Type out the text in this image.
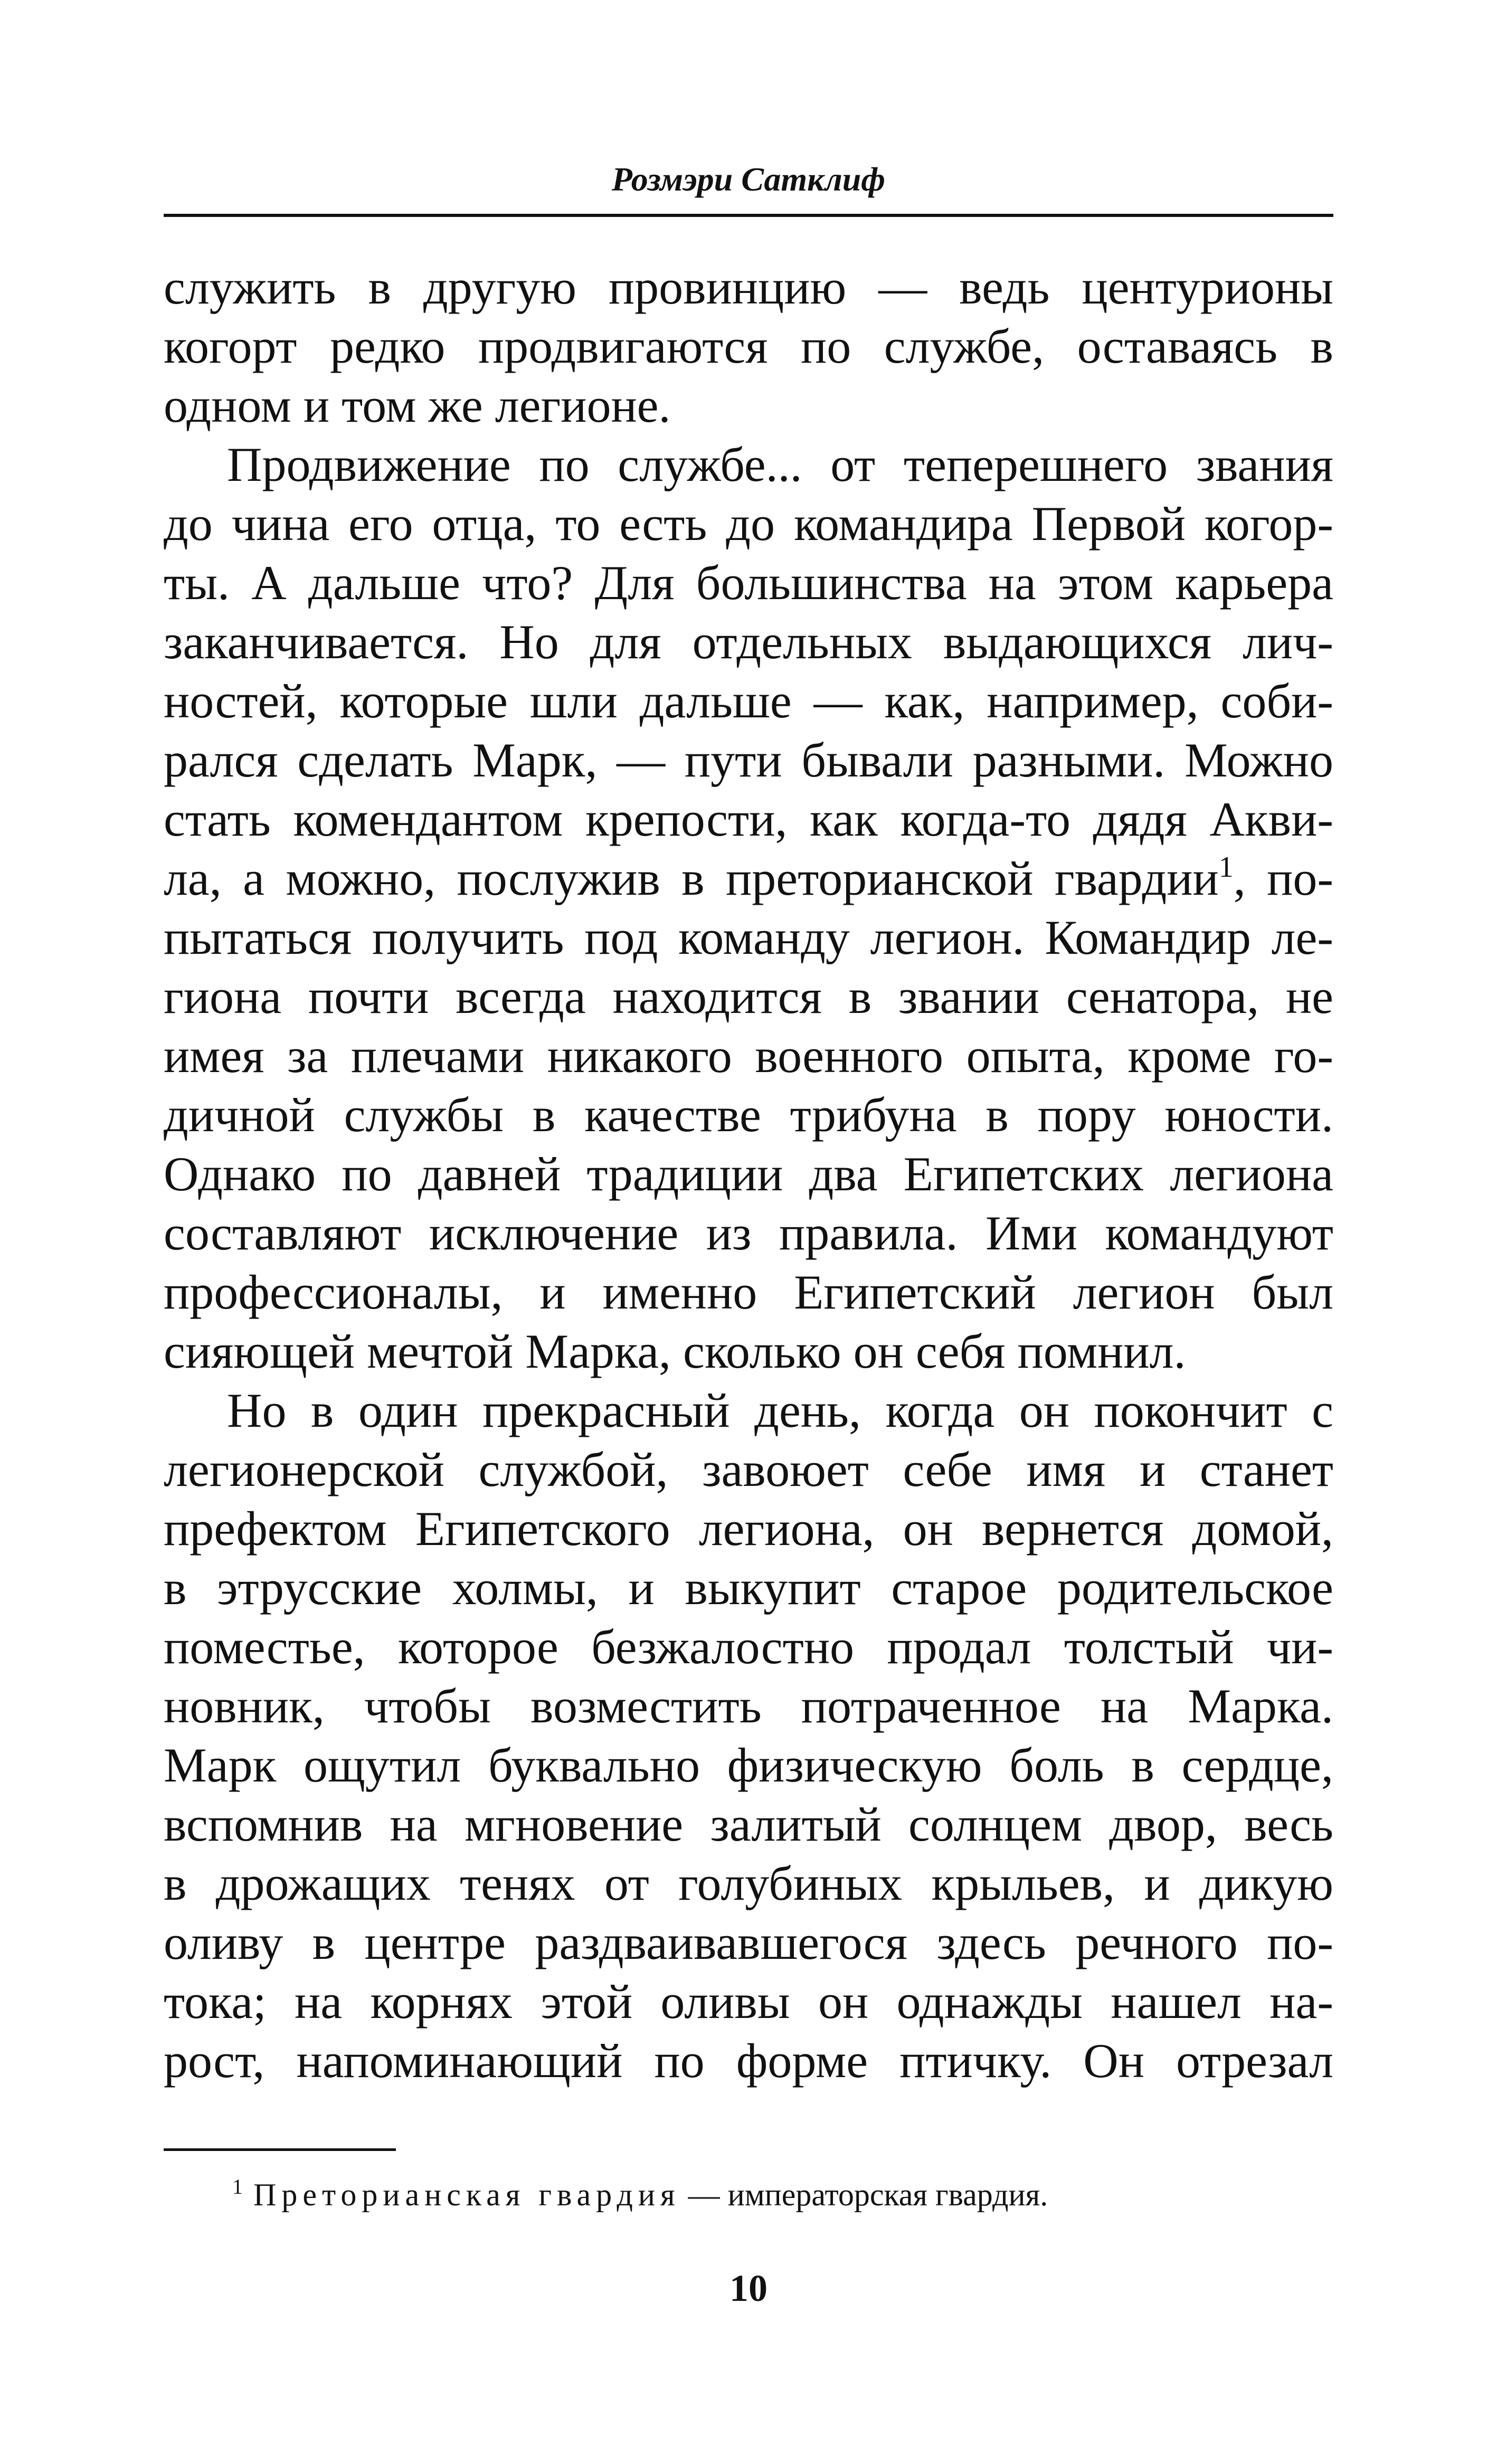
Розмэри Сатклиф
служить в другую провинцию — ведь центурионы
когорт редко продвигаются по службе, оставаясь в
одном и том же легионе.
Продвижение по службе... от теперешнего звания
до чина его отца, то есть до командира Первой когор-
ты. А дальше что? Для большинства на этом карьера
заканчивается. Но для отдельных выдающихся лич-
ностей, которые шли дальше — как, например, соби-
рался сделать Марк, — пути бывали разными. Можно
стать комендантом крепости, как когда-то дядя Акви-
ла, а можно, послужив в преторианской гвардии$^1$, по-
пытаться получить под команду легион. Командир ле-
гиона почти всегда находится в звании сенатора, не
имея за плечами никакого военного опыта, кроме го-
дичной службы в качестве трибуна в пору юности.
Однако по давней традиции два Египетских легиона
составляют исключение из правила. Ими командуют
профессионалы, и именно Египетский легион был
сияющей мечтой Марка, сколько он себя помнил.
Но в один прекрасный день, когда он покончит с
легионерской службой, завоюет себе имя и станет
префектом Египетского легиона, он вернется домой,
в этрусские холмы, и выкупит старое родительское
поместье, которое безжалостно продал толстый чи-
новник, чтобы возместить потраченное на Марка.
Марк ощутил буквально физическую боль в сердце,
вспомнив на мгновение залитый солнцем двор, весь
в дрожащих тенях от голубиных крыльев, и дикую
оливу в центре раздваивавшегося здесь речного по-
тока; на корнях этой оливы он однажды нашел на-
рост, напоминающий по форме птичку. Он отрезал
$^1$ Преторианская гвардия — императорская гвардия.
10
